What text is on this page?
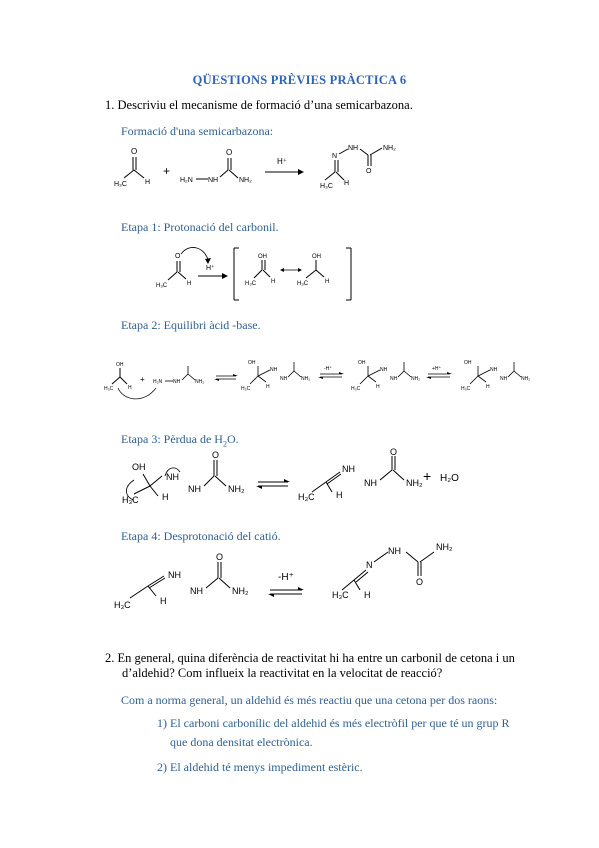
QÜESTIONS PRÈVIES PRÀCTICA 6
1. Descriviu el mecanisme de formació d’una semicarbazona.
Formació d'una semicarbazona:
O
H₃C	H
+
H₂N NH
O
NH₂
H⁺
H₃C H
N
NH
O
NH₂
Etapa 1: Protonació del carbonil.
O
H₃C	H
H⁺
OH
H₃C H
OH
H₃C	H
Etapa 2: Equilibri àcid -base.
OH
H₃C	H
+ H₂N NH	NH₂
OH
H₃C	H
NH
NH	NH₂
-H⁺
OH
H₃C	H
NH
NH	NH₂
+H⁺
OH
H₃C	H
NH
NH	NH₂
Etapa 3: Pèrdua de $H_2O$.
OH
H₃C	H
NH
NH
O
NH₂
H₃C H
NH
NH
O
NH₂ + H₂O
Etapa 4: Desprotonació del catió.
H₃C	H
NH
NH
O
NH₂
-H⁺
H₃C H
N
NH
O
NH₂
2. En general, quina diferència de reactivitat hi ha entre un carbonil de cetona i un
d’aldehid? Com influeix la reactivitat en la velocitat de reacció?
Com a norma general, un aldehid és més reactiu que una cetona per dos raons:
1) El carboni carbonílic del aldehid és més electròfil per que té un grup R
que dona densitat electrònica.
2) El aldehid té menys impediment estèric.
